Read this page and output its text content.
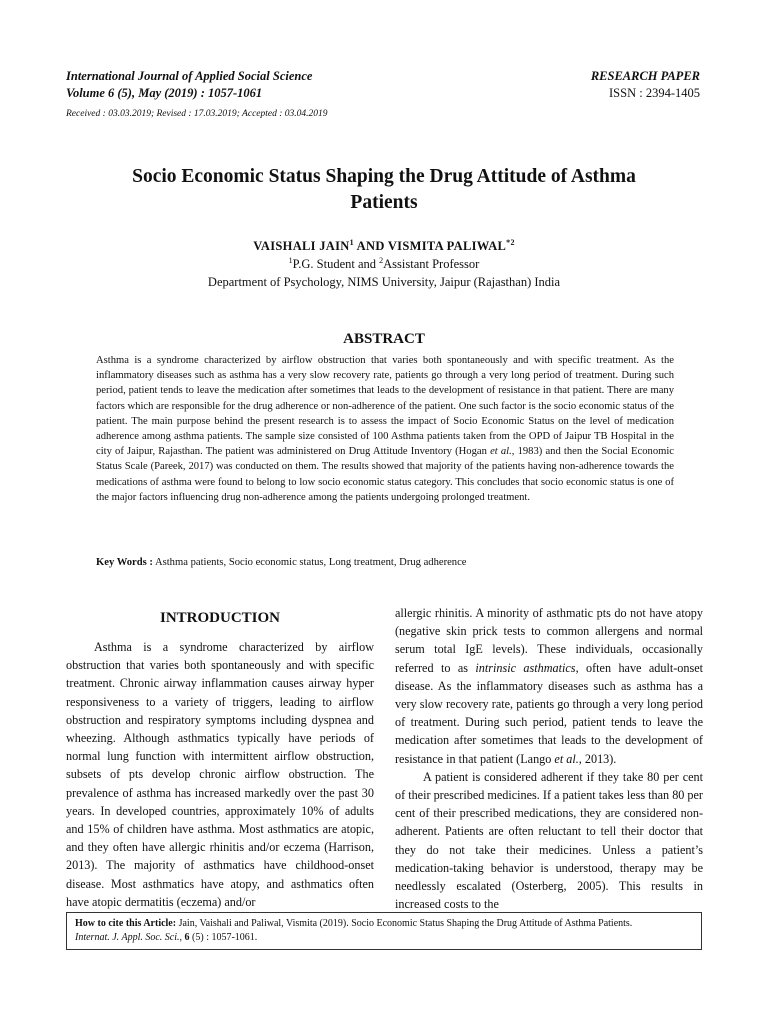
International Journal of Applied Social Science
Volume 6 (5), May (2019) : 1057-1061
Received : 03.03.2019; Revised : 17.03.2019; Accepted : 03.04.2019
RESEARCH PAPER
ISSN : 2394-1405
Socio Economic Status Shaping the Drug Attitude of Asthma
Patients
VAISHALI JAIN$^1$ AND VISMITA PALIWAL$^{*2}$
$^1$P.G. Student and $^2$Assistant Professor
Department of Psychology, NIMS University, Jaipur (Rajasthan) India
ABSTRACT
Asthma is a syndrome characterized by airflow obstruction that varies both spontaneously and with specific treatment. As the inflammatory diseases such as asthma has a very slow recovery rate, patients go through a very long period of treatment. During such period, patient tends to leave the medication after sometimes that leads to the development of resistance in that patient. There are many factors which are responsible for the drug adherence or non-adherence of the patient. One such factor is the socio economic status of the patient. The main purpose behind the present research is to assess the impact of Socio Economic Status on the level of medication adherence among asthma patients. The sample size consisted of 100 Asthma patients taken from the OPD of Jaipur TB Hospital in the city of Jaipur, Rajasthan. The patient was administered on Drug Attitude Inventory (Hogan et al., 1983) and then the Social Economic Status Scale (Pareek, 2017) was conducted on them. The results showed that majority of the patients having non-adherence towards the medications of asthma were found to belong to low socio economic status category. This concludes that socio economic status is one of the major factors influencing drug non-adherence among the patients undergoing prolonged treatment.
Key Words : Asthma patients, Socio economic status, Long treatment, Drug adherence
INTRODUCTION

Asthma is a syndrome characterized by airflow obstruction that varies both spontaneously and with specific treatment. Chronic airway inflammation causes airway hyper responsiveness to a variety of triggers, leading to airflow obstruction and respiratory symptoms including dyspnea and wheezing. Although asthmatics typically have periods of normal lung function with intermittent airflow obstruction, subsets of pts develop chronic airflow obstruction. The prevalence of asthma has increased markedly over the past 30 years. In developed countries, approximately 10% of adults and 15% of children have asthma. Most asthmatics are atopic, and they often have allergic rhinitis and/or eczema (Harrison, 2013). The majority of asthmatics have childhood-onset disease. Most asthmatics have atopy, and asthmatics often have atopic dermatitis (eczema) and/or

allergic rhinitis. A minority of asthmatic pts do not have atopy (negative skin prick tests to common allergens and normal serum total IgE levels). These individuals, occasionally referred to as intrinsic asthmatics, often have adult-onset disease. As the inflammatory diseases such as asthma has a very slow recovery rate, patients go through a very long period of treatment. During such period, patient tends to leave the medication after sometimes that leads to the development of resistance in that patient (Lango et al., 2013).

A patient is considered adherent if they take 80 per cent of their prescribed medicines. If a patient takes less than 80 per cent of their prescribed medications, they are considered non-adherent. Patients are often reluctant to tell their doctor that they do not take their medicines. Unless a patient’s medication-taking behavior is understood, therapy may be needlessly escalated (Osterberg, 2005). This results in increased costs to the

How to cite this Article: Jain, Vaishali and Paliwal, Vismita (2019). Socio Economic Status Shaping the Drug Attitude of Asthma Patients.
Internat. J. Appl. Soc. Sci., 6 (5) : 1057-1061.
